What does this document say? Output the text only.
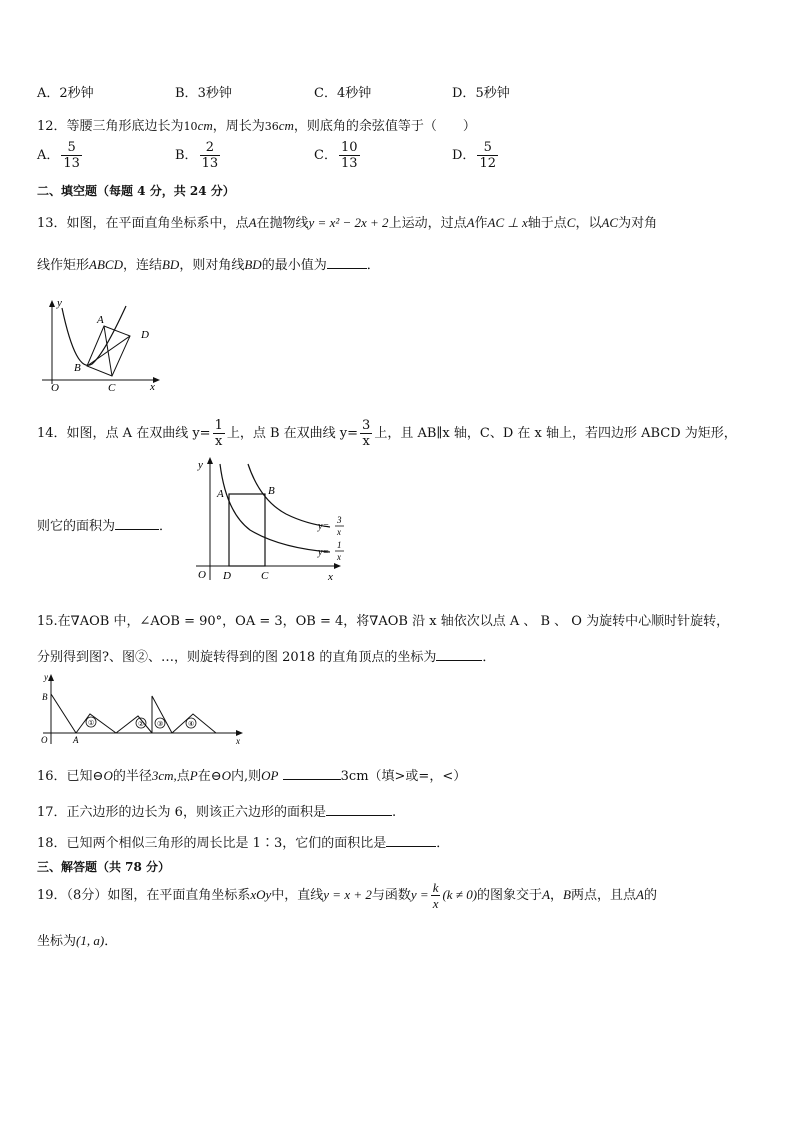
A．2秒钟	B．3秒钟	C．4秒钟	D．5秒钟
12．等腰三角形底边长为10cm，周长为36cm，则底角的余弦值等于（　　）
A． $\frac{5}{13}$	B． $\frac{2}{13}$	C． $\frac{10}{13}$	D． $\frac{5}{12}$
二、填空题（每题 4 分，共 24 分）
13．如图，在平面直角坐标系中，点A在抛物线y = x² − 2x + 2上运动，过点A作AC ⊥ x轴于点C，以AC为对角
线作矩形ABCD，连结BD，则对角线BD的最小值为	．
y
x
O
A
B
C
D
14．如图，点 A 在双曲线 $y= \frac{1}{x}$ 上，点 B 在双曲线 $y= \frac{3}{x}$ 上，且 AB∥x 轴，C、D 在 x 轴上，若四边形 ABCD 为矩形，
则它的面积为	．
y
x
O
A	B
D	C
y=
3
x
y=
1
x
15.在∇AOB 中，∠AOB = 90°，OA = 3，OB = 4，将∇AOB 沿 x 轴依次以点 A 、 B 、 O 为旋转中心顺时针旋转，
分别得到图?、图②、…，则旋转得到的图 2018 的直角顶点的坐标为	．
①	② ③	④
y
x
O	A
B
16．已知⊖O的半径3cm,点P在⊖O内,则OP	3cm（填>或=，<）
17．正六边形的边长为 6，则该正六边形的面积是	.
18．已知两个相似三角形的周长比是 1∶3，它们的面积比是	．
三、解答题（共 78 分）
19．（8分）如图，在平面直角坐标系xOy中，直线y = x + 2与函数$y = \frac{k}{x} (k \ne 0)$的图象交于A，B两点，且点A的
坐标为(1, a)．
